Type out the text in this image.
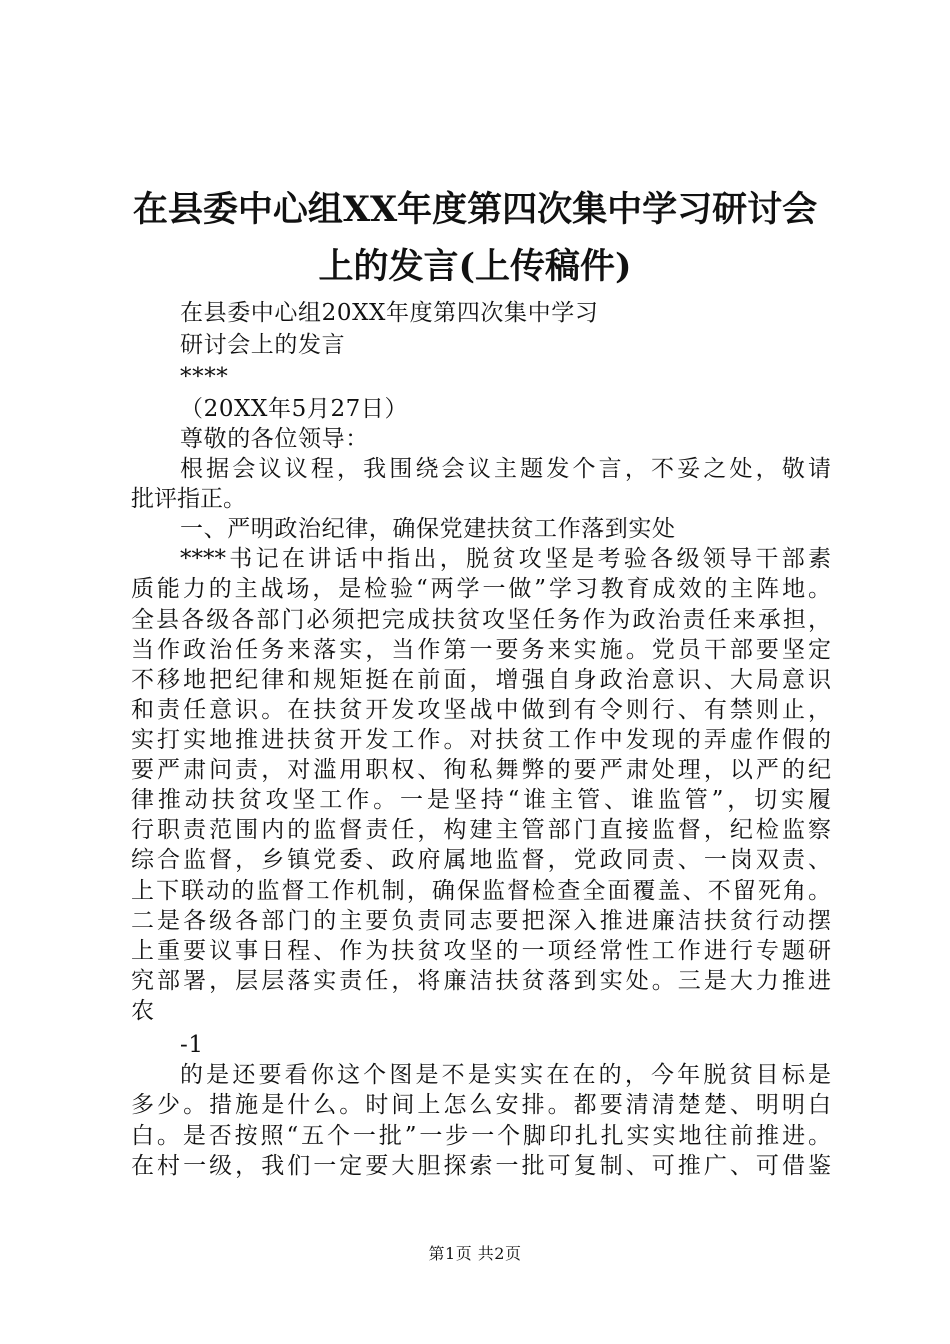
在县委中心组XX年度第四次集中学习研讨会
上的发言(上传稿件)
在县委中心组20XX年度第四次集中学习
研讨会上的发言
****
（20XX年5月27日）
尊敬的各位领导：
根据会议议程，我围绕会议主题发个言，不妥之处，敬请
批评指正。
一、严明政治纪律，确保党建扶贫工作落到实处
****书记在讲话中指出，脱贫攻坚是考验各级领导干部素
质能力的主战场，是检验“两学一做”学习教育成效的主阵地。
全县各级各部门必须把完成扶贫攻坚任务作为政治责任来承担，
当作政治任务来落实，当作第一要务来实施。党员干部要坚定
不移地把纪律和规矩挺在前面，增强自身政治意识、大局意识
和责任意识。在扶贫开发攻坚战中做到有令则行、有禁则止，
实打实地推进扶贫开发工作。对扶贫工作中发现的弄虚作假的
要严肃问责，对滥用职权、徇私舞弊的要严肃处理，以严的纪
律推动扶贫攻坚工作。一是坚持“谁主管、谁监管”，切实履
行职责范围内的监督责任，构建主管部门直接监督，纪检监察
综合监督，乡镇党委、政府属地监督，党政同责、一岗双责、
上下联动的监督工作机制，确保监督检查全面覆盖、不留死角。
二是各级各部门的主要负责同志要把深入推进廉洁扶贫行动摆
上重要议事日程、作为扶贫攻坚的一项经常性工作进行专题研
究部署，层层落实责任，将廉洁扶贫落到实处。三是大力推进
农
-1
的是还要看你这个图是不是实实在在的，今年脱贫目标是
多少。措施是什么。时间上怎么安排。都要清清楚楚、明明白
白。是否按照“五个一批”一步一个脚印扎扎实实地往前推进。
在村一级，我们一定要大胆探索一批可复制、可推广、可借鉴
第1页 共2页
